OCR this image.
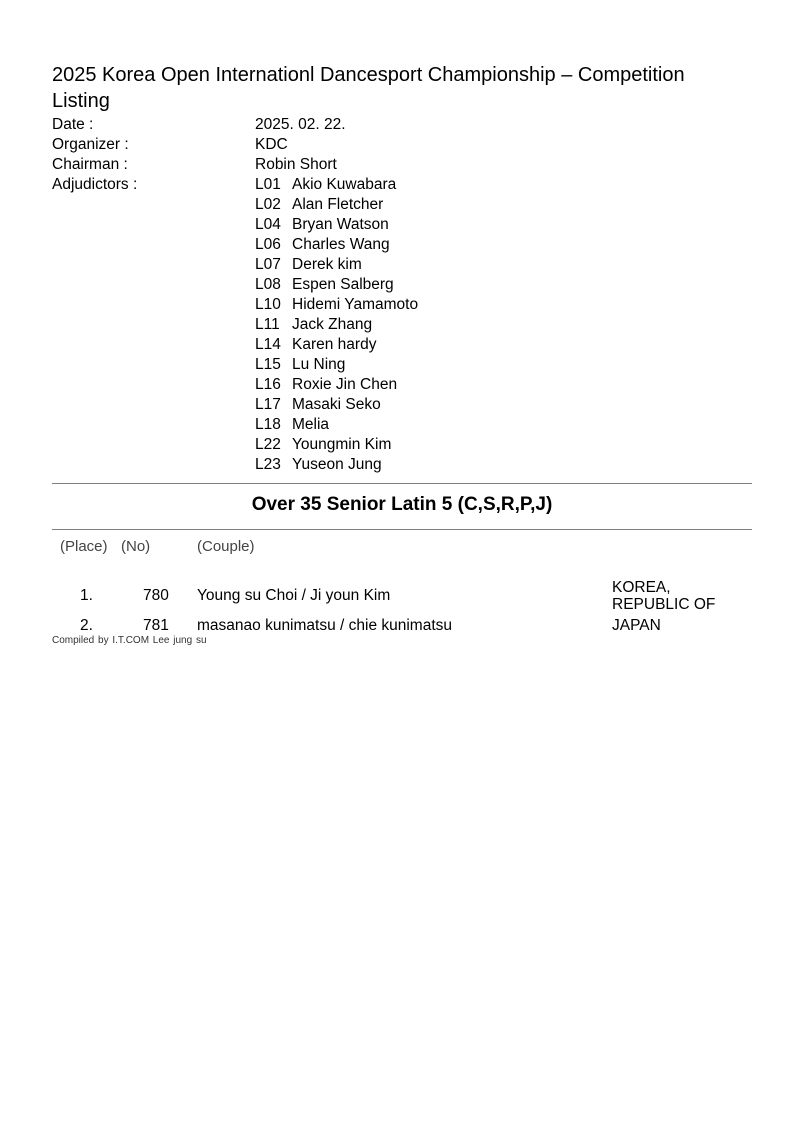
2025 Korea Open Internationl Dancesport Championship – Competition Listing
Date :	2025. 02. 22.
Organizer :	KDC
Chairman :	Robin Short
Adjudictors :	L01 Akio Kuwabara
L02 Alan Fletcher
L04 Bryan Watson
L06 Charles Wang
L07 Derek kim
L08 Espen Salberg
L10 Hidemi Yamamoto
L11 Jack Zhang
L14 Karen hardy
L15 Lu Ning
L16 Roxie Jin Chen
L17 Masaki Seko
L18 Melia
L22 Youngmin Kim
L23 Yuseon Jung
Over 35 Senior Latin 5 (C,S,R,P,J)
(Place) (No)	(Couple)
1.	780 Young su Choi / Ji youn Kim	KOREA,
REPUBLIC OF
2.	781 masanao kunimatsu / chie kunimatsu	JAPAN
Compiled by I.T.COM Lee jung su
